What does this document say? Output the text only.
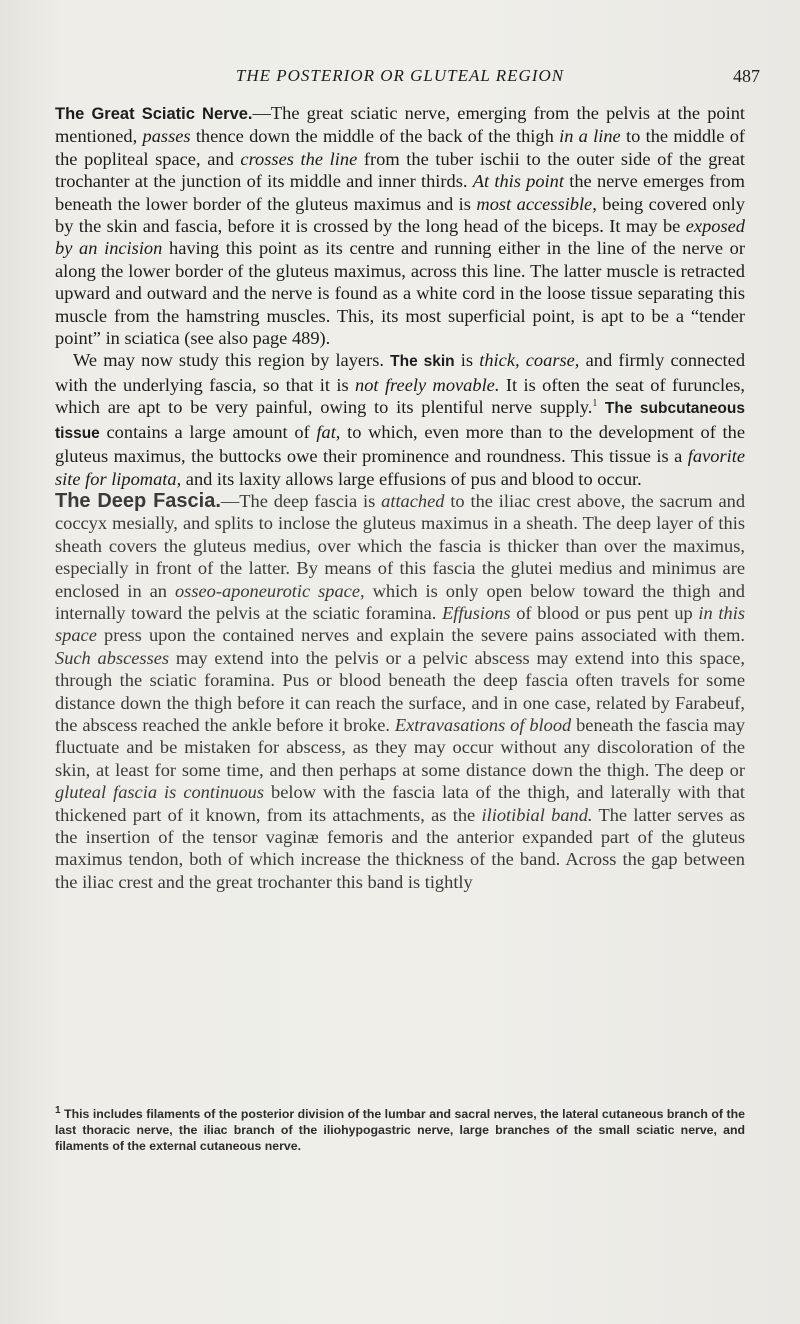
THE POSTERIOR OR GLUTEAL REGION	487

The Great Sciatic Nerve.—The great sciatic nerve, emerging from the pelvis at the point mentioned, passes thence down the middle of the back of the thigh in a line to the middle of the popliteal space, and crosses the line from the tuber ischii to the outer side of the great trochanter at the junction of its middle and inner thirds. At this point the nerve emerges from beneath the lower border of the gluteus maximus and is most accessible, being covered only by the skin and fascia, before it is crossed by the long head of the biceps. It may be exposed by an incision having this point as its centre and running either in the line of the nerve or along the lower border of the gluteus maximus, across this line. The latter muscle is retracted upward and outward and the nerve is found as a white cord in the loose tissue separating this muscle from the hamstring muscles. This, its most superficial point, is apt to be a “tender point” in sciatica (see also page 489).

We may now study this region by layers. The skin is thick, coarse, and firmly connected with the underlying fascia, so that it is not freely movable. It is often the seat of furuncles, which are apt to be very painful, owing to its plentiful nerve supply.$^1$ The subcutaneous tissue contains a large amount of fat, to which, even more than to the development of the gluteus maximus, the buttocks owe their prominence and roundness. This tissue is a favorite site for lipomata, and its laxity allows large effusions of pus and blood to occur.

The Deep Fascia.—The deep fascia is attached to the iliac crest above, the sacrum and coccyx mesially, and splits to inclose the gluteus maximus in a sheath. The deep layer of this sheath covers the gluteus medius, over which the fascia is thicker than over the maximus, especially in front of the latter. By means of this fascia the glutei medius and minimus are enclosed in an osseo-aponeurotic space, which is only open below toward the thigh and internally toward the pelvis at the sciatic foramina. Effusions of blood or pus pent up in this space press upon the contained nerves and explain the severe pains associated with them. Such abscesses may extend into the pelvis or a pelvic abscess may extend into this space, through the sciatic foramina. Pus or blood beneath the deep fascia often travels for some distance down the thigh before it can reach the surface, and in one case, related by Farabeuf, the abscess reached the ankle before it broke. Extravasations of blood beneath the fascia may fluctuate and be mistaken for abscess, as they may occur without any discoloration of the skin, at least for some time, and then perhaps at some distance down the thigh. The deep or gluteal fascia is continuous below with the fascia lata of the thigh, and laterally with that thickened part of it known, from its attachments, as the iliotibial band. The latter serves as the insertion of the tensor vaginæ femoris and the anterior expanded part of the gluteus maximus tendon, both of which increase the thickness of the band. Across the gap between the iliac crest and the great trochanter this band is tightly

$^1$ This includes filaments of the posterior division of the lumbar and sacral nerves, the lateral cutaneous branch of the last thoracic nerve, the iliac branch of the iliohypogastric nerve, large branches of the small sciatic nerve, and filaments of the external cutaneous nerve.
